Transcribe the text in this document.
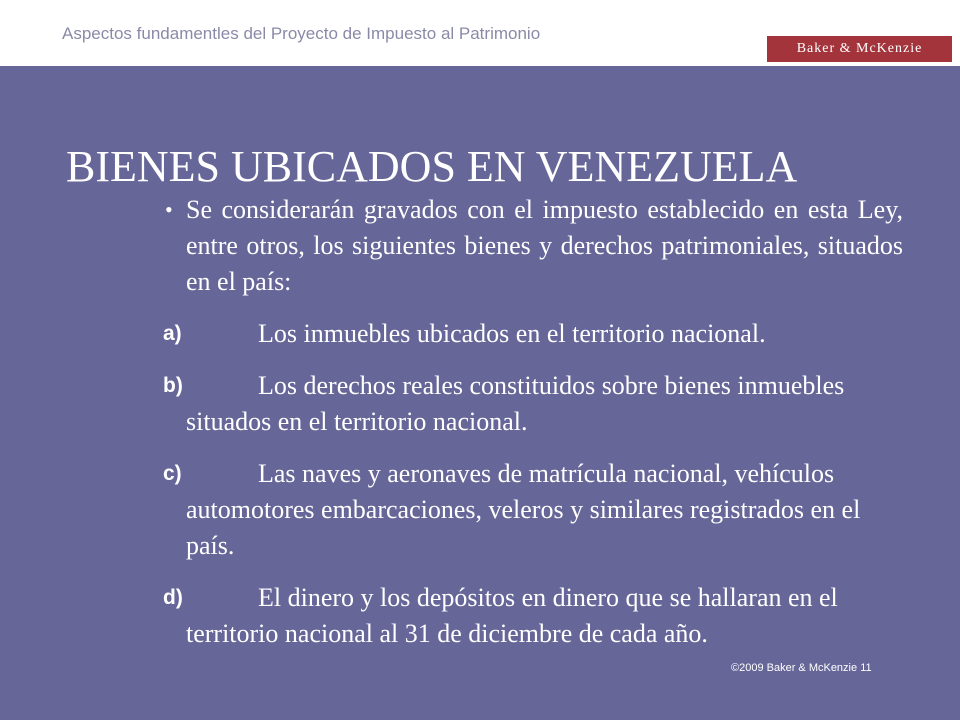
Aspectos fundamentles del Proyecto de Impuesto al Patrimonio
Baker & McKenzie
BIENES UBICADOS EN VENEZUELA
• Se considerarán gravados con el impuesto establecido en esta Ley, entre otros, los siguientes bienes y derechos patrimoniales, situados en el país:
a)	Los inmuebles ubicados en el territorio nacional.
b)	Los derechos reales constituidos sobre bienes inmuebles situados en el territorio nacional.
c)	Las naves y aeronaves de matrícula nacional, vehículos automotores embarcaciones, veleros y similares registrados en el país.
d)	El dinero y los depósitos en dinero que se hallaran en el territorio nacional al 31 de diciembre de cada año.
©2009 Baker & McKenzie 11
